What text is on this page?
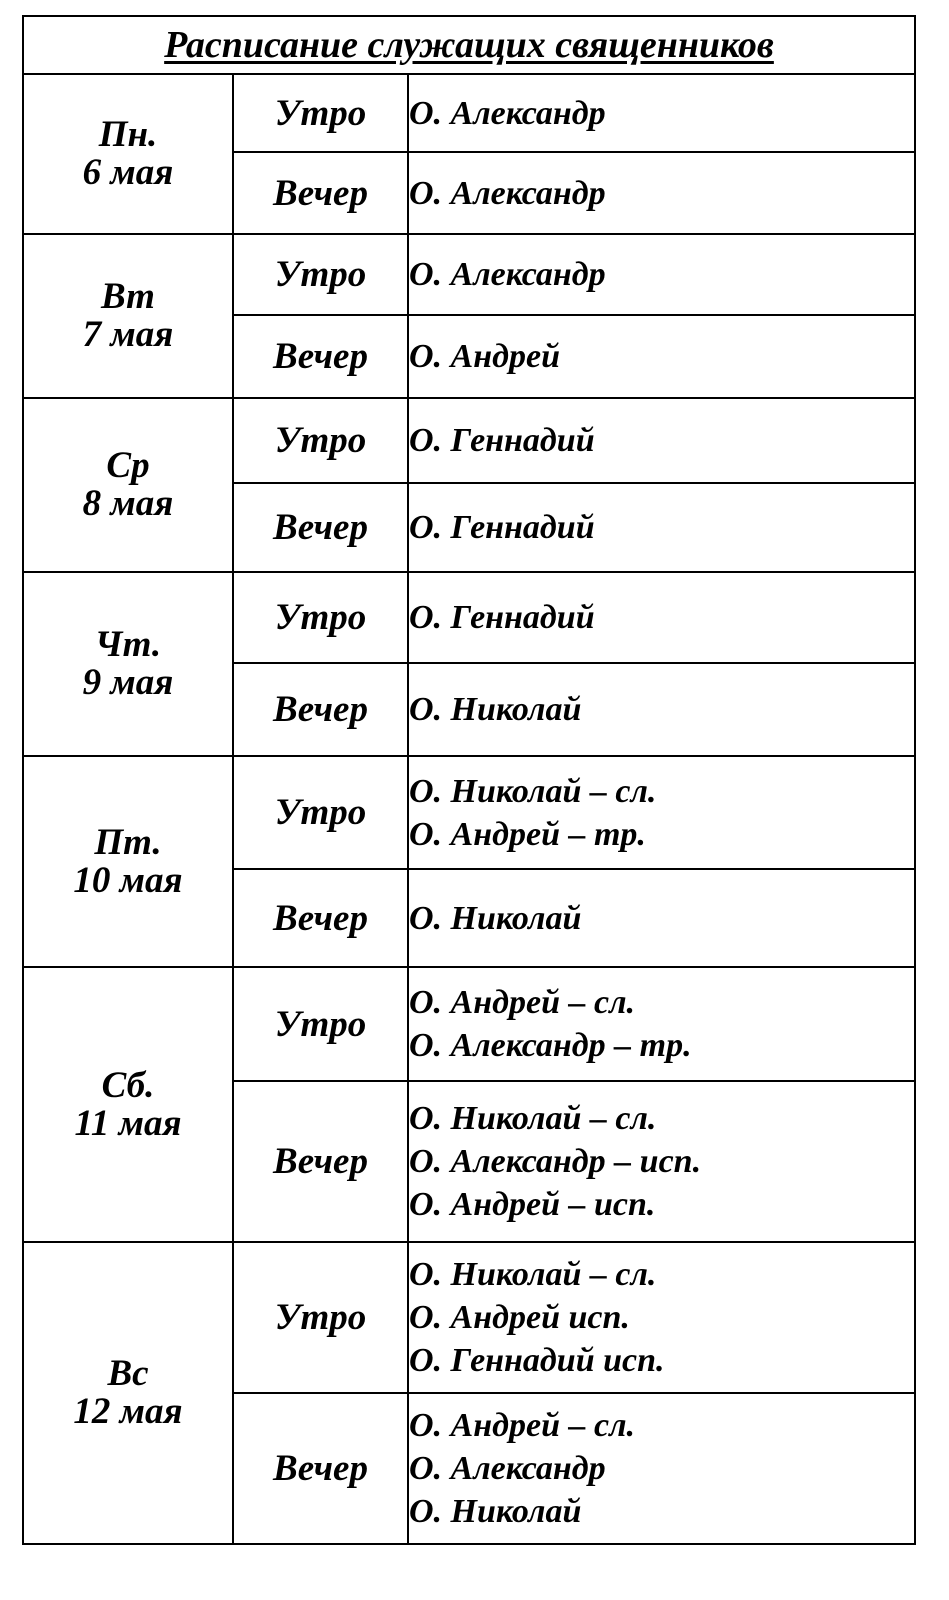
Расписание служащих священников		

Пн.
6 мая	Утро	О. Александр

	Вечер	О. Александр

Вт
7 мая	Утро	О. Александр

	Вечер	О. Андрей

Ср
8 мая	Утро	О. Геннадий

	Вечер	О. Геннадий

Чт.
9 мая	Утро	О. Геннадий

	Вечер	О. Николай

Пт.
10 мая	Утро	О. Николай – сл.
О. Андрей – тр.

	Вечер	О. Николай

Сб.
11 мая	Утро	О. Андрей – сл.
О. Александр – тр.

	Вечер	О. Николай – сл.
О. Александр – исп.
О. Андрей – исп.

Вс
12 мая	Утро	О. Николай – сл.
О. Андрей исп.
О. Геннадий исп.

	Вечер	О. Андрей – сл.
О. Александр
О. Николай
